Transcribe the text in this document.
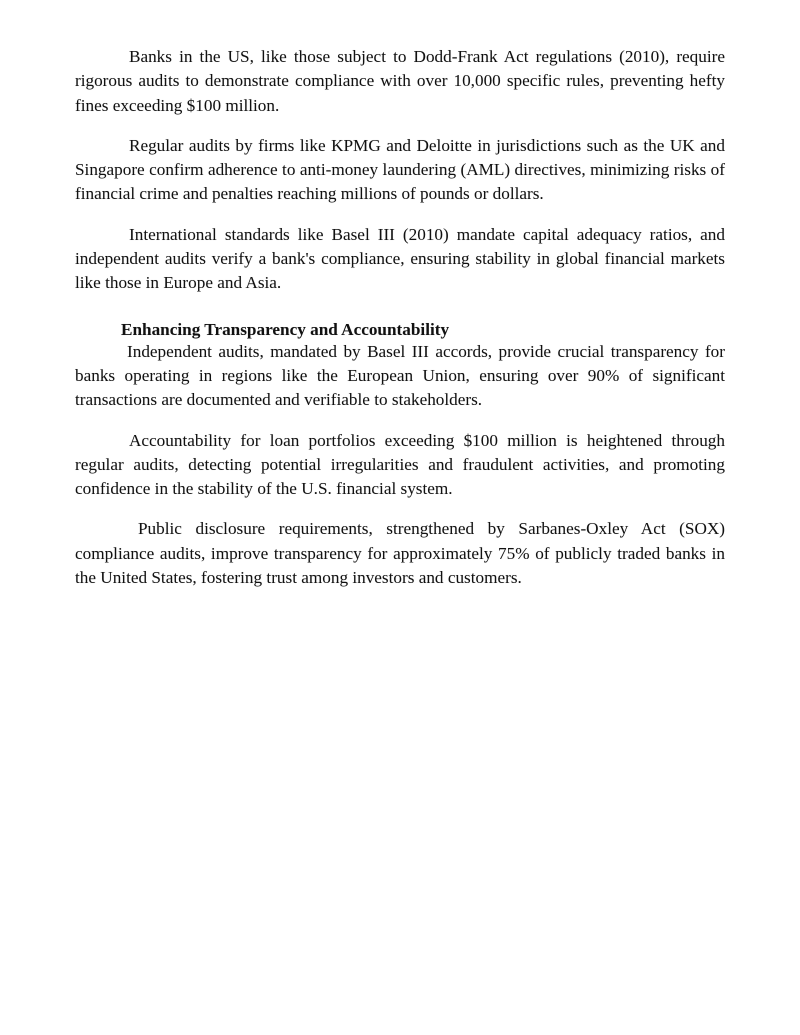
Banks in the US, like those subject to Dodd-Frank Act regulations (2010), require rigorous audits to demonstrate compliance with over 10,000 specific rules, preventing hefty fines exceeding $100 million.

Regular audits by firms like KPMG and Deloitte in jurisdictions such as the UK and Singapore confirm adherence to anti-money laundering (AML) directives, minimizing risks of financial crime and penalties reaching millions of pounds or dollars.

International standards like Basel III (2010) mandate capital adequacy ratios, and independent audits verify a bank's compliance, ensuring stability in global financial markets like those in Europe and Asia.

Enhancing Transparency and Accountability

Independent audits, mandated by Basel III accords, provide crucial transparency for banks operating in regions like the European Union, ensuring over 90% of significant transactions are documented and verifiable to stakeholders.

Accountability for loan portfolios exceeding $100 million is heightened through regular audits, detecting potential irregularities and fraudulent activities, and promoting confidence in the stability of the U.S. financial system.

Public disclosure requirements, strengthened by Sarbanes-Oxley Act (SOX) compliance audits, improve transparency for approximately 75% of publicly traded banks in the United States, fostering trust among investors and customers.
